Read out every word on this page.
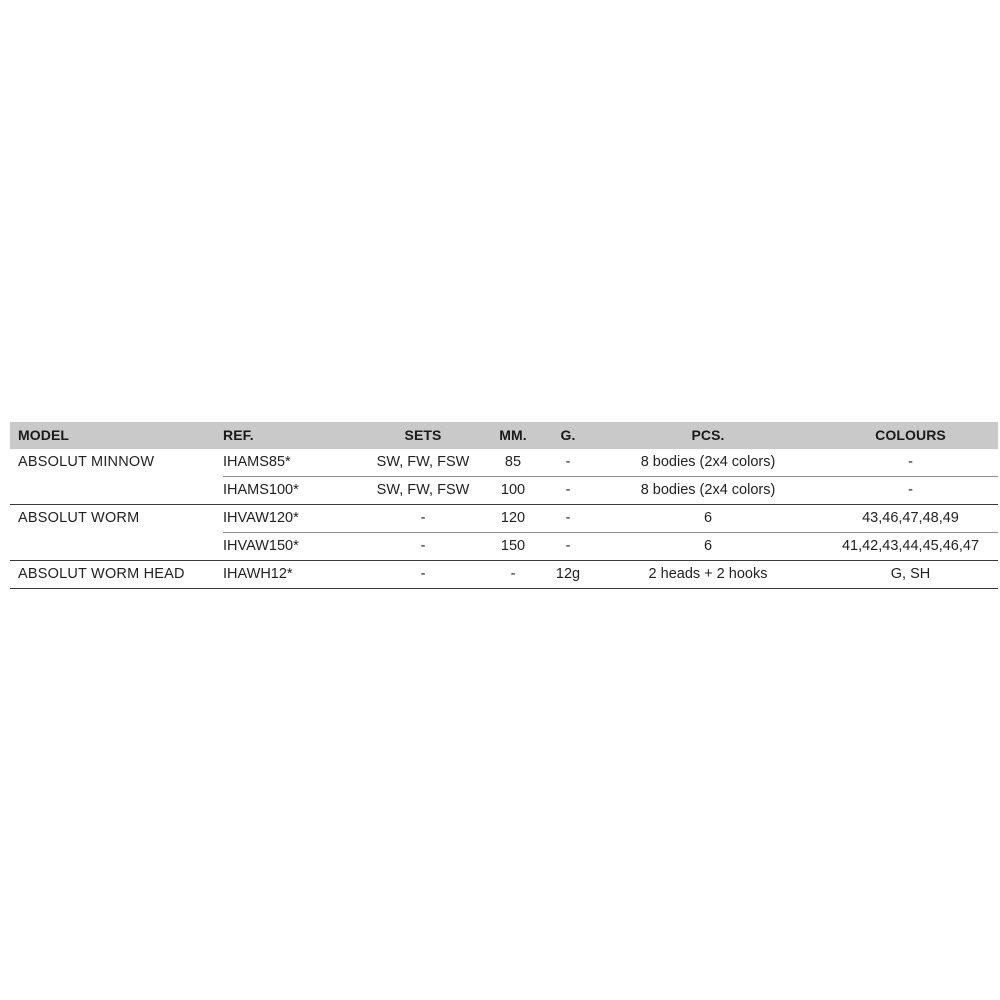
MODEL	REF.	SETS	MM.	G.	PCS.	COLOURS
ABSOLUT MINNOW	IHAMS85*	SW, FW, FSW	85	-	8 bodies (2x4 colors)	-
	IHAMS100*	SW, FW, FSW	100	-	8 bodies (2x4 colors)	-
ABSOLUT WORM	IHVAW120*	-	120	-	6	43,46,47,48,49
	IHVAW150*	-	150	-	6	41,42,43,44,45,46,47
ABSOLUT WORM HEAD	IHAWH12*	-	-	12g	2 heads + 2 hooks	G, SH
